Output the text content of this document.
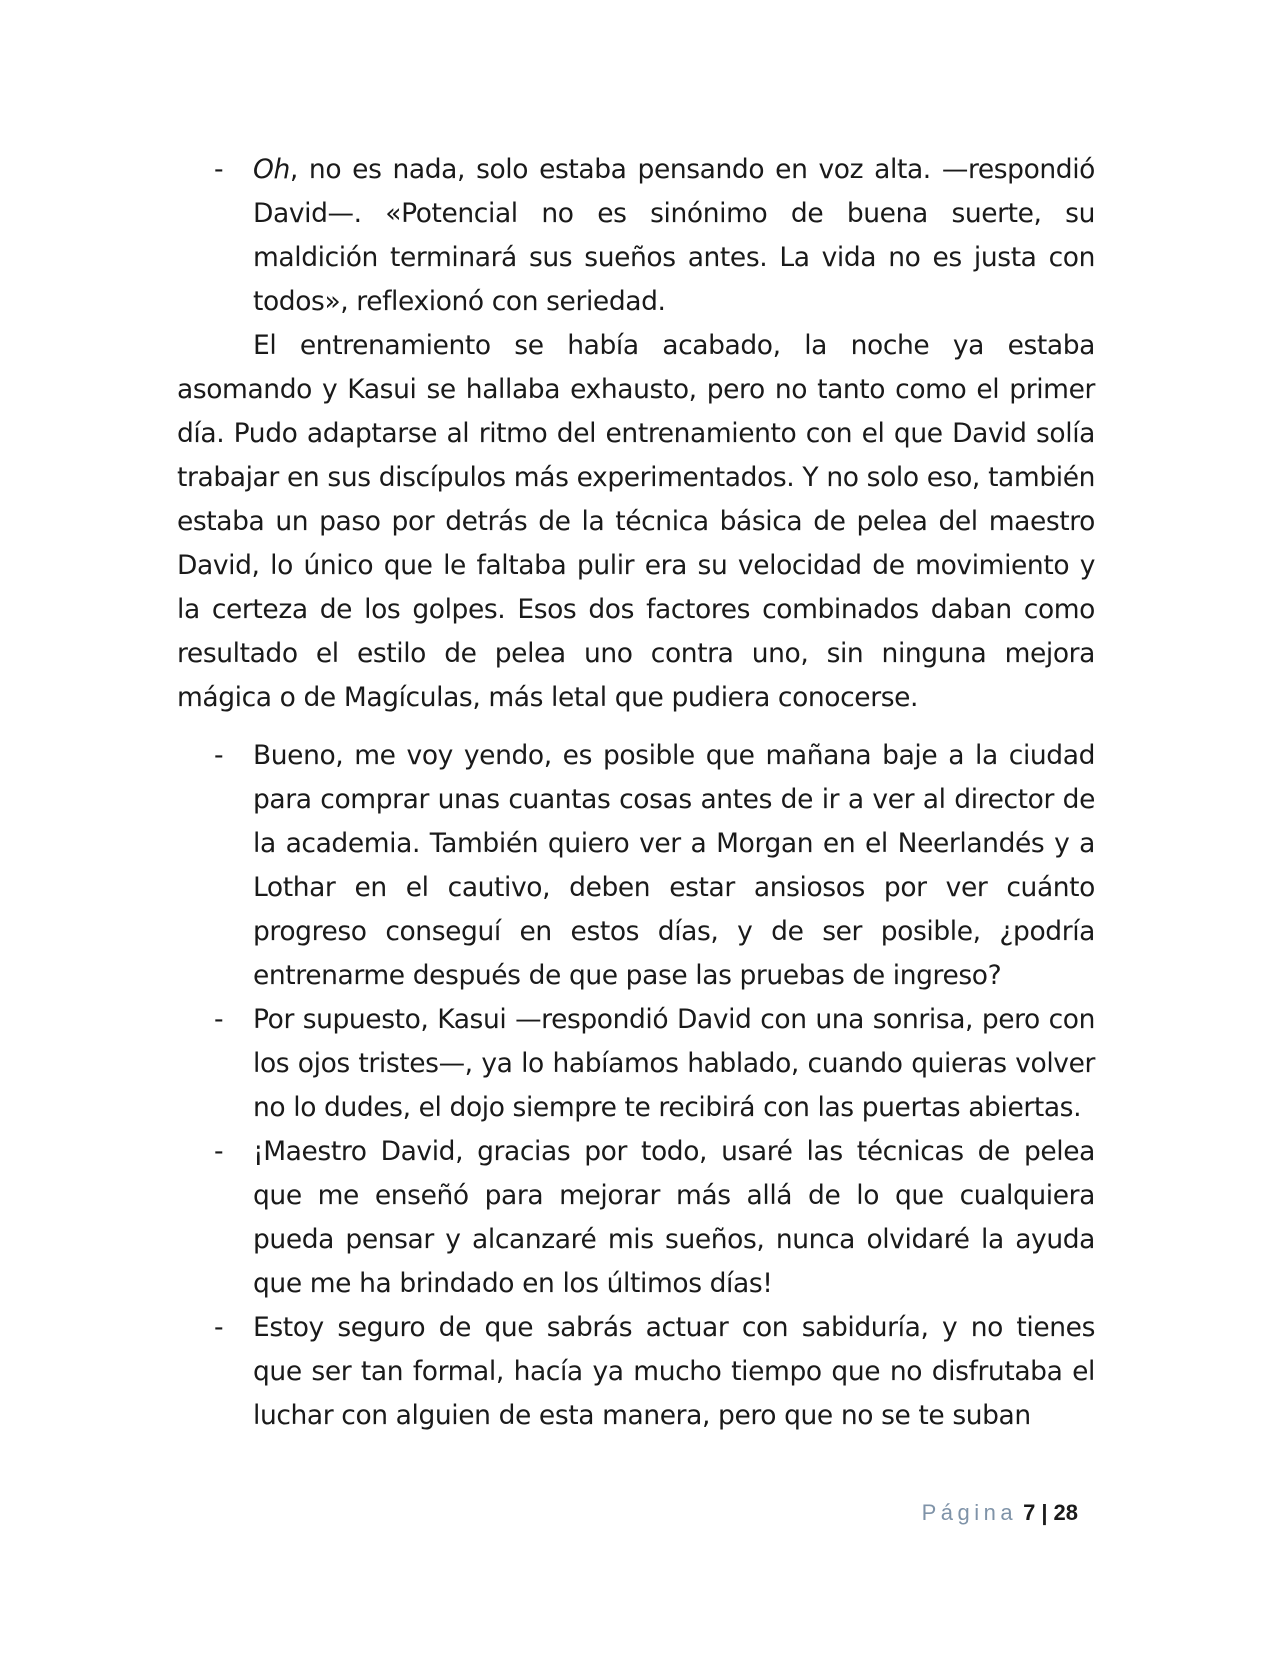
- Oh, no es nada, solo estaba pensando en voz alta. —respondió David—. «Potencial no es sinónimo de buena suerte, su maldición terminará sus sueños antes. La vida no es justa con todos», reflexionó con seriedad.

El entrenamiento se había acabado, la noche ya estaba asomando y Kasui se hallaba exhausto, pero no tanto como el primer día. Pudo adaptarse al ritmo del entrenamiento con el que David solía trabajar en sus discípulos más experimentados. Y no solo eso, también estaba un paso por detrás de la técnica básica de pelea del maestro David, lo único que le faltaba pulir era su velocidad de movimiento y la certeza de los golpes. Esos dos factores combinados daban como resultado el estilo de pelea uno contra uno, sin ninguna mejora mágica o de Magículas, más letal que pudiera conocerse.

- Bueno, me voy yendo, es posible que mañana baje a la ciudad para comprar unas cuantas cosas antes de ir a ver al director de la academia. También quiero ver a Morgan en el Neerlandés y a Lothar en el cautivo, deben estar ansiosos por ver cuánto progreso conseguí en estos días, y de ser posible, ¿podría entrenarme después de que pase las pruebas de ingreso?
- Por supuesto, Kasui —respondió David con una sonrisa, pero con los ojos tristes—, ya lo habíamos hablado, cuando quieras volver no lo dudes, el dojo siempre te recibirá con las puertas abiertas.
- ¡Maestro David, gracias por todo, usaré las técnicas de pelea que me enseñó para mejorar más allá de lo que cualquiera pueda pensar y alcanzaré mis sueños, nunca olvidaré la ayuda que me ha brindado en los últimos días!
- Estoy seguro de que sabrás actuar con sabiduría, y no tienes que ser tan formal, hacía ya mucho tiempo que no disfrutaba el luchar con alguien de esta manera, pero que no se te suban
Página 7 | 28
